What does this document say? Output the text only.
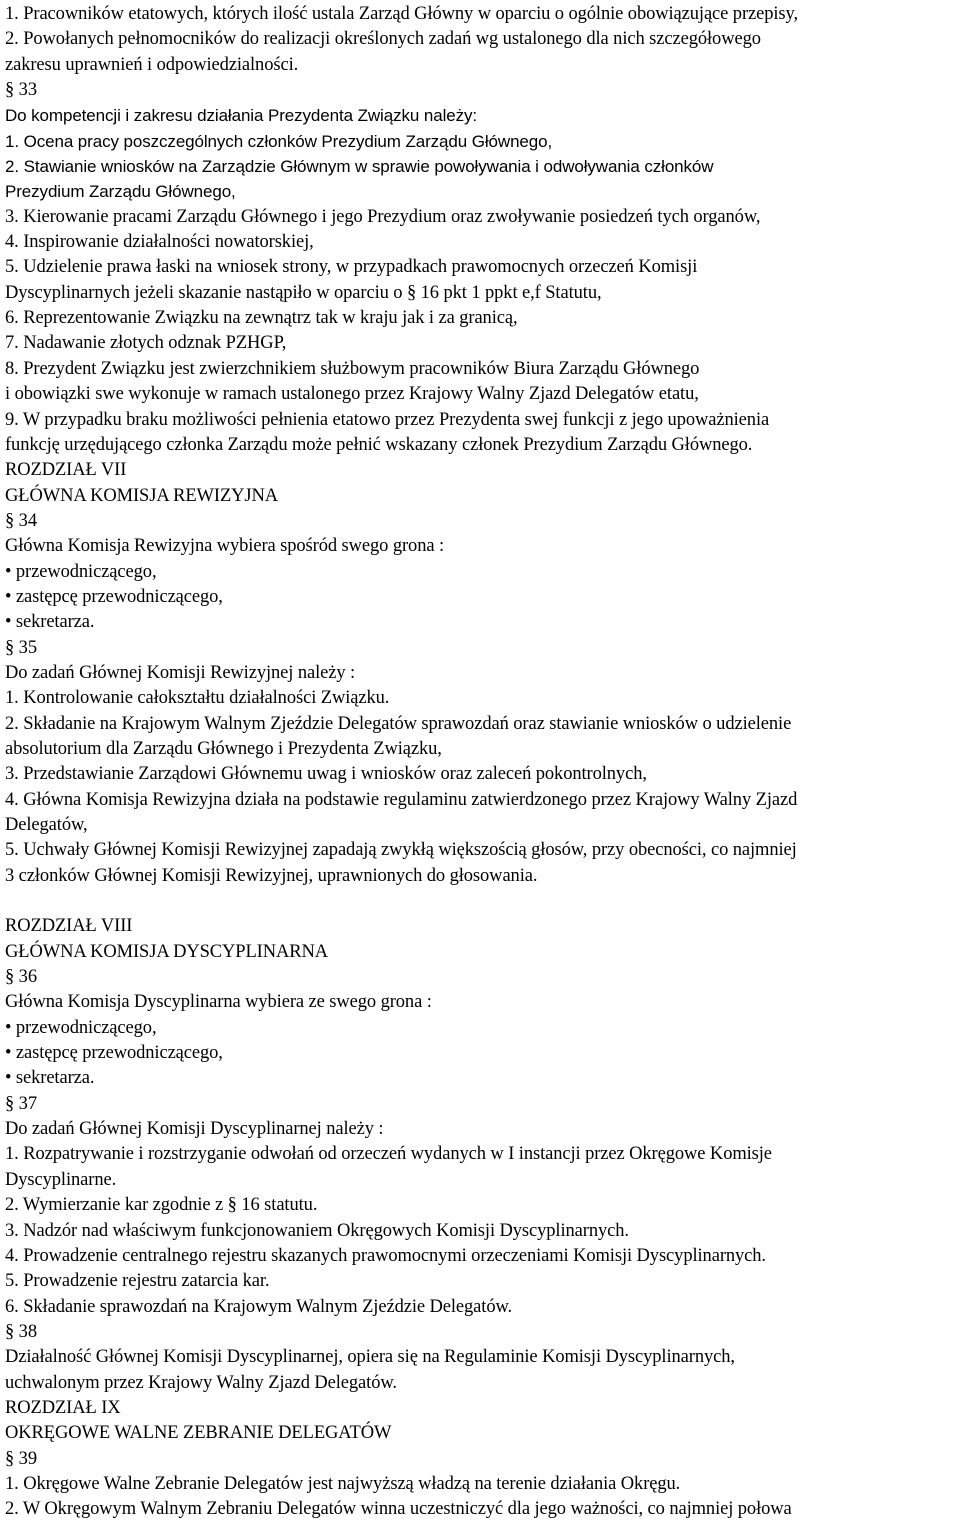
1. Pracowników etatowych, których ilość ustala Zarząd Główny w oparciu o ogólnie obowiązujące przepisy,
2. Powołanych pełnomocników do realizacji określonych zadań wg ustalonego dla nich szczegółowego
zakresu uprawnień i odpowiedzialności.
§ 33
Do kompetencji i zakresu działania Prezydenta Związku należy:
1. Ocena pracy poszczególnych członków Prezydium Zarządu Głównego,
2. Stawianie wniosków na Zarządzie Głównym w sprawie powoływania i odwoływania członków
Prezydium Zarządu Głównego,
3. Kierowanie pracami Zarządu Głównego i jego Prezydium oraz zwoływanie posiedzeń tych organów,
4. Inspirowanie działalności nowatorskiej,
5. Udzielenie prawa łaski na wniosek strony, w przypadkach prawomocnych orzeczeń Komisji
Dyscyplinarnych jeżeli skazanie nastąpiło w oparciu o § 16 pkt 1 ppkt e,f Statutu,
6. Reprezentowanie Związku na zewnątrz tak w kraju jak i za granicą,
7. Nadawanie złotych odznak PZHGP,
8. Prezydent Związku jest zwierzchnikiem służbowym pracowników Biura Zarządu Głównego
i obowiązki swe wykonuje w ramach ustalonego przez Krajowy Walny Zjazd Delegatów etatu,
9. W przypadku braku możliwości pełnienia etatowo przez Prezydenta swej funkcji z jego upoważnienia
funkcję urzędującego członka Zarządu może pełnić wskazany członek Prezydium Zarządu Głównego.
ROZDZIAŁ VII
GŁÓWNA KOMISJA REWIZYJNA
§ 34
Główna Komisja Rewizyjna wybiera spośród swego grona :
• przewodniczącego,
• zastępcę przewodniczącego,
• sekretarza.
§ 35
Do zadań Głównej Komisji Rewizyjnej należy :
1. Kontrolowanie całokształtu działalności Związku.
2. Składanie na Krajowym Walnym Zjeździe Delegatów sprawozdań oraz stawianie wniosków o udzielenie
absolutorium dla Zarządu Głównego i Prezydenta Związku,
3. Przedstawianie Zarządowi Głównemu uwag i wniosków oraz zaleceń pokontrolnych,
4. Główna Komisja Rewizyjna działa na podstawie regulaminu zatwierdzonego przez Krajowy Walny Zjazd
Delegatów,
5. Uchwały Głównej Komisji Rewizyjnej zapadają zwykłą większością głosów, przy obecności, co najmniej
3 członków Głównej Komisji Rewizyjnej, uprawnionych do głosowania.
ROZDZIAŁ VIII
GŁÓWNA KOMISJA DYSCYPLINARNA
§ 36
Główna Komisja Dyscyplinarna wybiera ze swego grona :
• przewodniczącego,
• zastępcę przewodniczącego,
• sekretarza.
§ 37
Do zadań Głównej Komisji Dyscyplinarnej należy :
1. Rozpatrywanie i rozstrzyganie odwołań od orzeczeń wydanych w I instancji przez Okręgowe Komisje
Dyscyplinarne.
2. Wymierzanie kar zgodnie z § 16 statutu.
3. Nadzór nad właściwym funkcjonowaniem Okręgowych Komisji Dyscyplinarnych.
4. Prowadzenie centralnego rejestru skazanych prawomocnymi orzeczeniami Komisji Dyscyplinarnych.
5. Prowadzenie rejestru zatarcia kar.
6. Składanie sprawozdań na Krajowym Walnym Zjeździe Delegatów.
§ 38
Działalność Głównej Komisji Dyscyplinarnej, opiera się na Regulaminie Komisji Dyscyplinarnych,
uchwalonym przez Krajowy Walny Zjazd Delegatów.
ROZDZIAŁ IX
OKRĘGOWE WALNE ZEBRANIE DELEGATÓW
§ 39
1. Okręgowe Walne Zebranie Delegatów jest najwyższą władzą na terenie działania Okręgu.
2. W Okręgowym Walnym Zebraniu Delegatów winna uczestniczyć dla jego ważności, co najmniej połowa
